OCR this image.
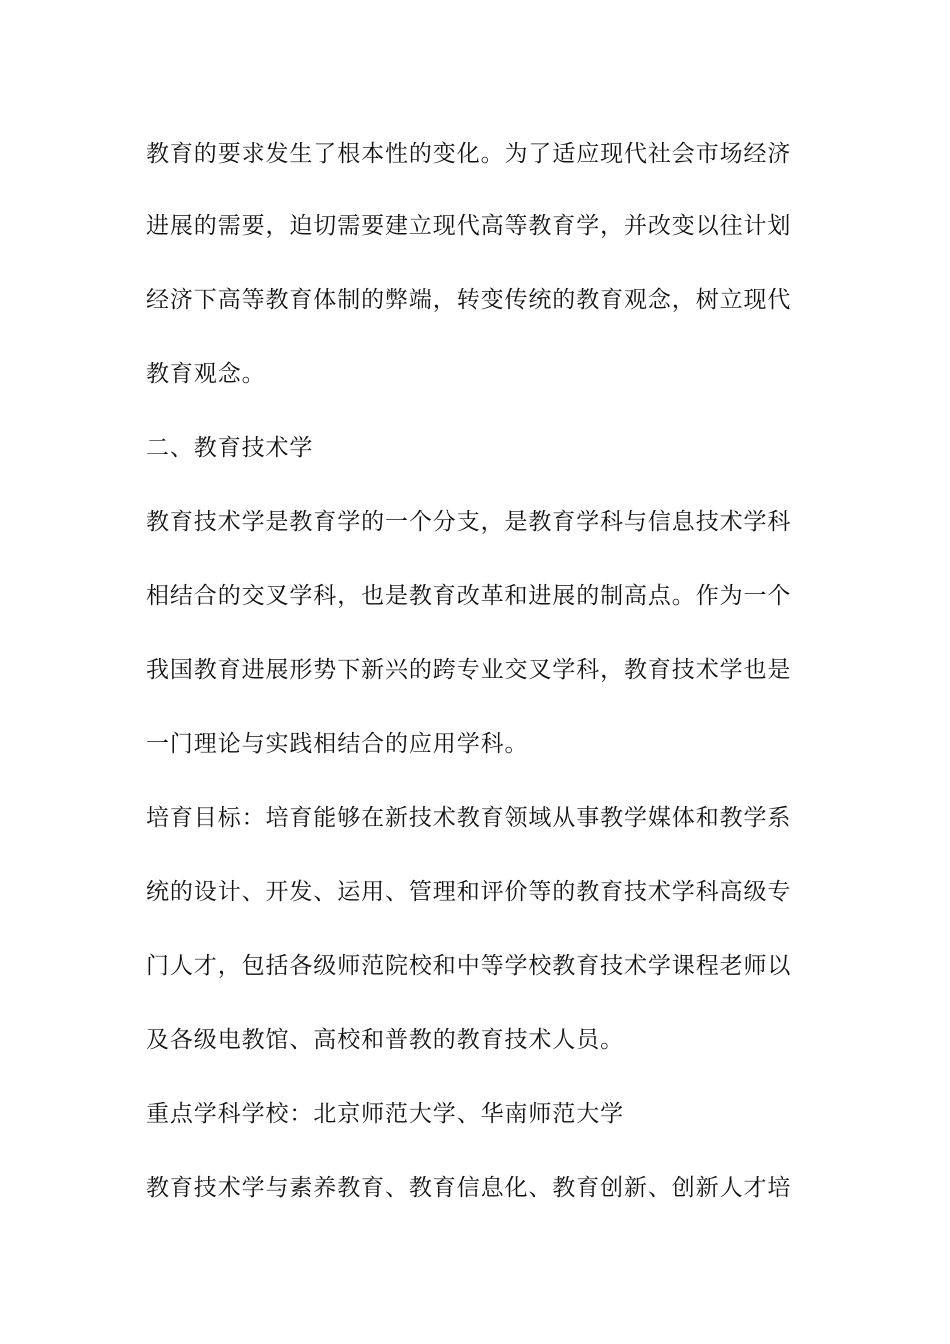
教育的要求发生了根本性的变化。为了适应现代社会市场经济
进展的需要，迫切需要建立现代高等教育学，并改变以往计划
经济下高等教育体制的弊端，转变传统的教育观念，树立现代
教育观念。
二、教育技术学
教育技术学是教育学的一个分支，是教育学科与信息技术学科
相结合的交叉学科，也是教育改革和进展的制高点。作为一个
我国教育进展形势下新兴的跨专业交叉学科，教育技术学也是
一门理论与实践相结合的应用学科。
培育目标：培育能够在新技术教育领域从事教学媒体和教学系
统的设计、开发、运用、管理和评价等的教育技术学科高级专
门人才，包括各级师范院校和中等学校教育技术学课程老师以
及各级电教馆、高校和普教的教育技术人员。
重点学科学校：北京师范大学、华南师范大学
教育技术学与素养教育、教育信息化、教育创新、创新人才培
